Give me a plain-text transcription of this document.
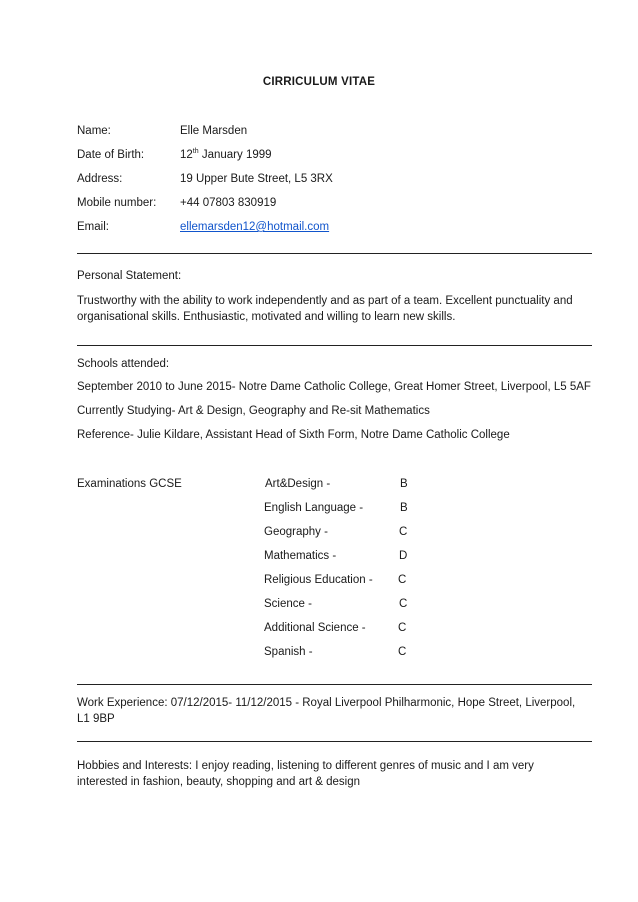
CIRRICULUM VITAE
Name:	Elle Marsden
Date of Birth:	12th January 1999
Address:	19 Upper Bute Street, L5 3RX
Mobile number: +44 07803 830919
Email:	ellemarsden12@hotmail.com
Personal Statement:
Trustworthy with the ability to work independently and as part of a team. Excellent punctuality and organisational skills. Enthusiastic, motivated and willing to learn new skills.
Schools attended:
September 2010 to June 2015- Notre Dame Catholic College, Great Homer Street, Liverpool, L5 5AF
Currently Studying- Art & Design, Geography and Re-sit Mathematics
Reference- Julie Kildare, Assistant Head of Sixth Form, Notre Dame Catholic College
Examinations GCSE	Art&Design -	B
English Language -	B
Geography -	C
Mathematics -	D
Religious Education - C
Science -	C
Additional Science -	C
Spanish -	C
Work Experience: 07/12/2015- 11/12/2015 - Royal Liverpool Philharmonic, Hope Street, Liverpool, L1 9BP
Hobbies and Interests: I enjoy reading, listening to different genres of music and I am very interested in fashion, beauty, shopping and art & design
